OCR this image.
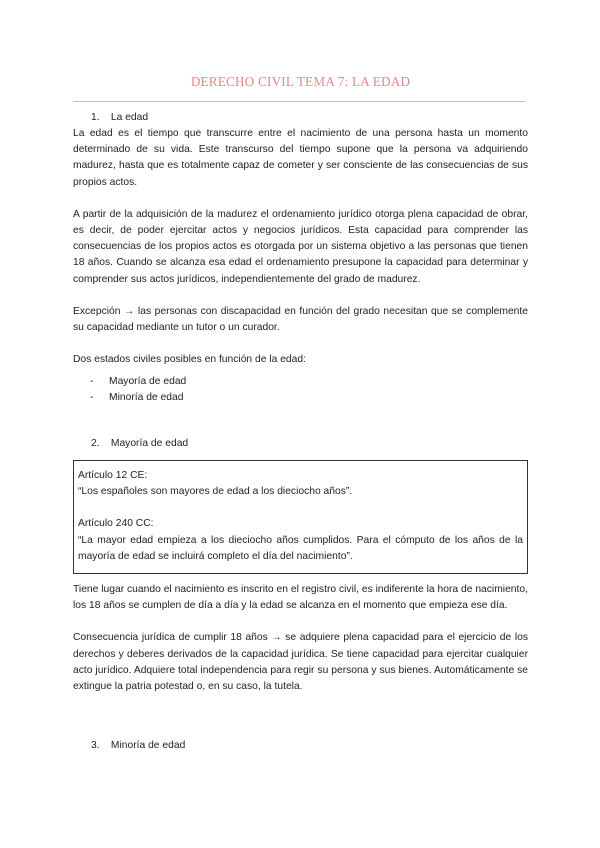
DERECHO CIVIL TEMA 7: LA EDAD
1. La edad

La edad es el tiempo que transcurre entre el nacimiento de una persona hasta un momento determinado de su vida. Este transcurso del tiempo supone que la persona va adquiriendo madurez, hasta que es totalmente capaz de cometer y ser consciente de las consecuencias de sus propios actos.

A partir de la adquisición de la madurez el ordenamiento jurídico otorga plena capacidad de obrar, es decir, de poder ejercitar actos y negocios jurídicos. Esta capacidad para comprender las consecuencias de los propios actos es otorgada por un sistema objetivo a las personas que tienen 18 años. Cuando se alcanza esa edad el ordenamiento presupone la capacidad para determinar y comprender sus actos jurídicos, independientemente del grado de madurez.

Excepción → las personas con discapacidad en función del grado necesitan que se complemente su capacidad mediante un tutor o un curador.

Dos estados civiles posibles en función de la edad:

- Mayoría de edad
- Minoría de edad
2. Mayoría de edad

Artículo 12 CE:

“Los españoles son mayores de edad a los dieciocho años”.

Artículo 240 CC:

“La mayor edad empieza a los dieciocho años cumplidos. Para el cómputo de los años de la mayoría de edad se incluirá completo el día del nacimiento”.

Tiene lugar cuando el nacimiento es inscrito en el registro civil, es indiferente la hora de nacimiento, los 18 años se cumplen de día a día y la edad se alcanza en el momento que empieza ese día.

Consecuencia jurídica de cumplir 18 años → se adquiere plena capacidad para el ejercicio de los derechos y deberes derivados de la capacidad jurídica. Se tiene capacidad para ejercitar cualquier acto jurídico. Adquiere total independencia para regir su persona y sus bienes. Automáticamente se extingue la patria potestad o, en su caso, la tutela.

3. Minoría de edad
